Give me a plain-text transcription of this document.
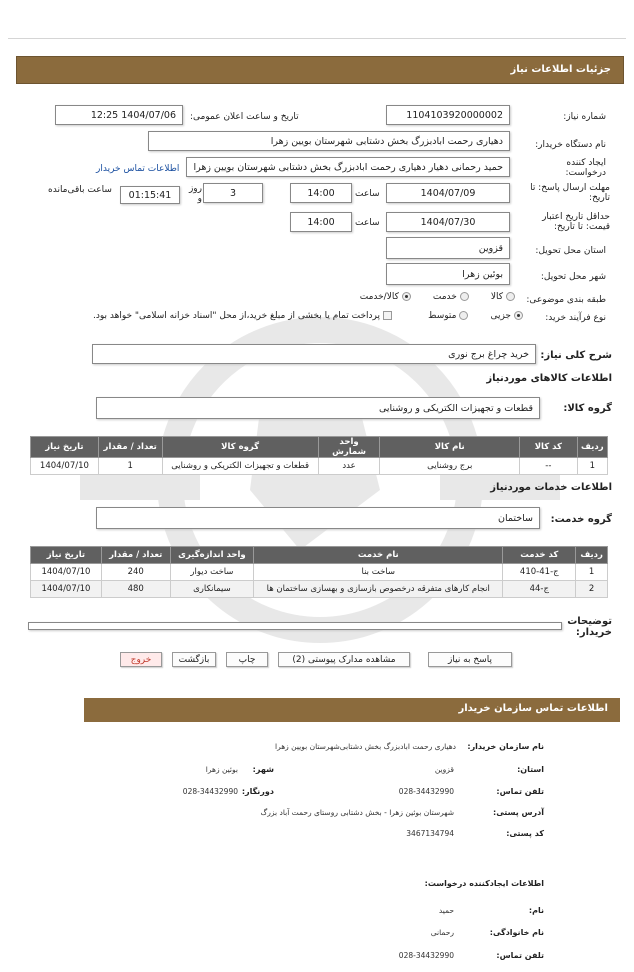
جزئیات اطلاعات نیاز
شماره نیاز:
1104103920000002
تاریخ و ساعت اعلان عمومی:
1404/07/06 12:25
نام دستگاه خریدار:
دهیاری رحمت ابادبزرگ بخش دشتابی شهرستان بویین زهرا
ایجاد کننده درخواست:
حمید رحمانی دهیار دهیاری رحمت ابادبزرگ بخش دشتابی شهرستان بویین زهرا
اطلاعات تماس خریدار
مهلت ارسال پاسخ: تا تاریخ:
1404/07/09
ساعت
14:00
3
روز و
01:15:41
ساعت باقی‌مانده
حداقل تاریخ اعتبار قیمت: تا تاریخ:
1404/07/30
ساعت
14:00
استان محل تحویل:
قزوین
شهر محل تحویل:
بوئین زهرا
طبقه بندی موضوعی:
کالا
خدمت
کالا/خدمت
نوع فرآیند خرید:
جزیی
متوسط
پرداخت تمام یا بخشی از مبلغ خرید،از محل "اسناد خزانه اسلامی" خواهد بود.
شرح کلی نیاز:
خرید چراغ برج نوری
اطلاعات کالاهای موردنیاز
گروه کالا:
قطعات و تجهیزات الکتریکی و روشنایی
ردیف	کد کالا	نام کالا	واحد شمارش	گروه کالا	تعداد / مقدار	تاریخ نیاز
1	--	برج روشنایی	عدد	قطعات و تجهیزات الکتریکی و روشنایی	1	1404/07/10
اطلاعات خدمات مورد‌نیاز
گروه خدمت:
ساختمان
ردیف	کد خدمت	نام خدمت	واحد اندازه‌گیری	تعداد / مقدار	تاریخ نیاز
1	ج-41-410	ساخت بنا	ساخت دیوار	240	1404/07/10
2	ج-44	انجام کارهای متفرقه درخصوص بازسازی و بهسازی ساختمان ها	سیمانکاری	480	1404/07/10
توضیحات خریدار:
پاسخ به نیاز
مشاهده مدارک پیوستی (2)
چاپ
بازگشت
خروج
اطلاعات تماس سازمان خریدار
نام سازمان خریدار:
دهیاری رحمت ابادبزرگ بخش دشتابی‌شهرستان بویین زهرا
استان:
قزوین
شهر:
بوئین زهرا
تلفن تماس:
028-34432990
دورنگار:
028-34432990
آدرس پستی:
شهرستان بوئین زهرا - بخش دشتابی روستای رحمت آباد بزرگ
کد پستی:
3467134794
اطلاعات ایجادکننده درخواست:
نام:
حمید
نام خانوادگی:
رحمانی
تلفن تماس:
028-34432990
